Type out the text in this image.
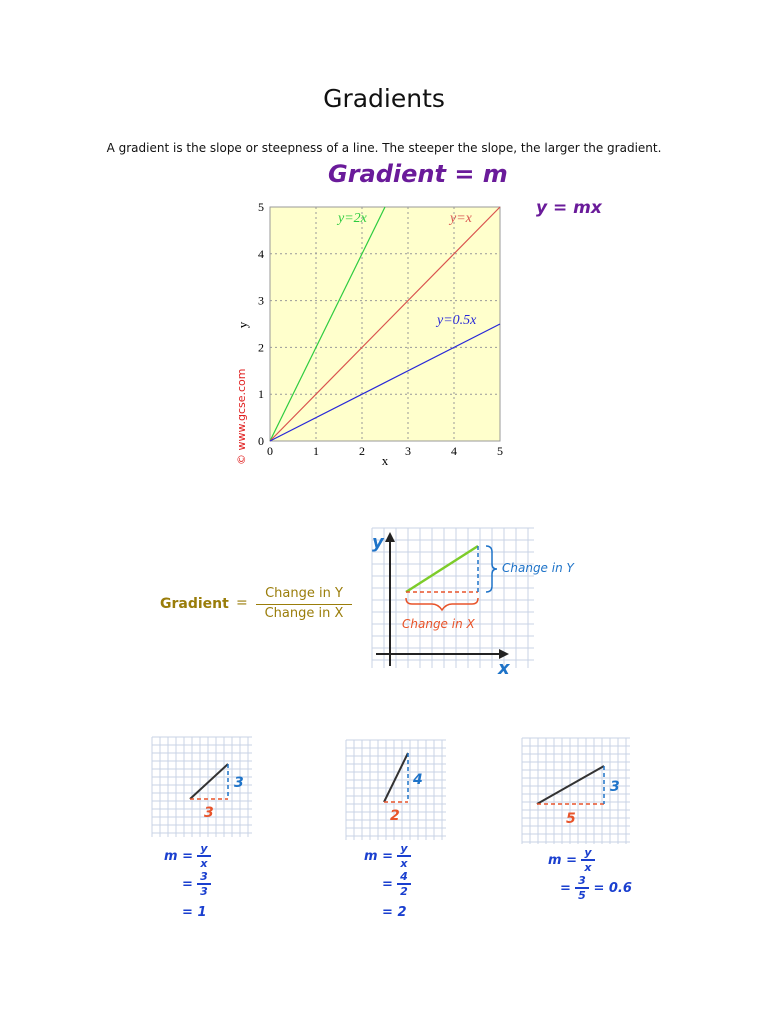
Gradients
A gradient is the slope or steepness of a line. The steeper the slope, the larger the gradient.
Gradient = m
y = mx
0	1	2	3	4	5
0
1
2
3
4
5
x
y
© www.gcse.com
y=2x	y=x
y=0.5x
Gradient =
Change in Y
Change in X
y
x
Change in Y
Change in X
3
3
4
2
3
5
m
= $\frac{y}{x}$
= $\frac{3}{3}$
=
1
m
= $\frac{y}{x}$
= $\frac{4}{2}$
=
2
m
= $\frac{y}{x}$
= $\frac{3}{5}$
=
0.6
